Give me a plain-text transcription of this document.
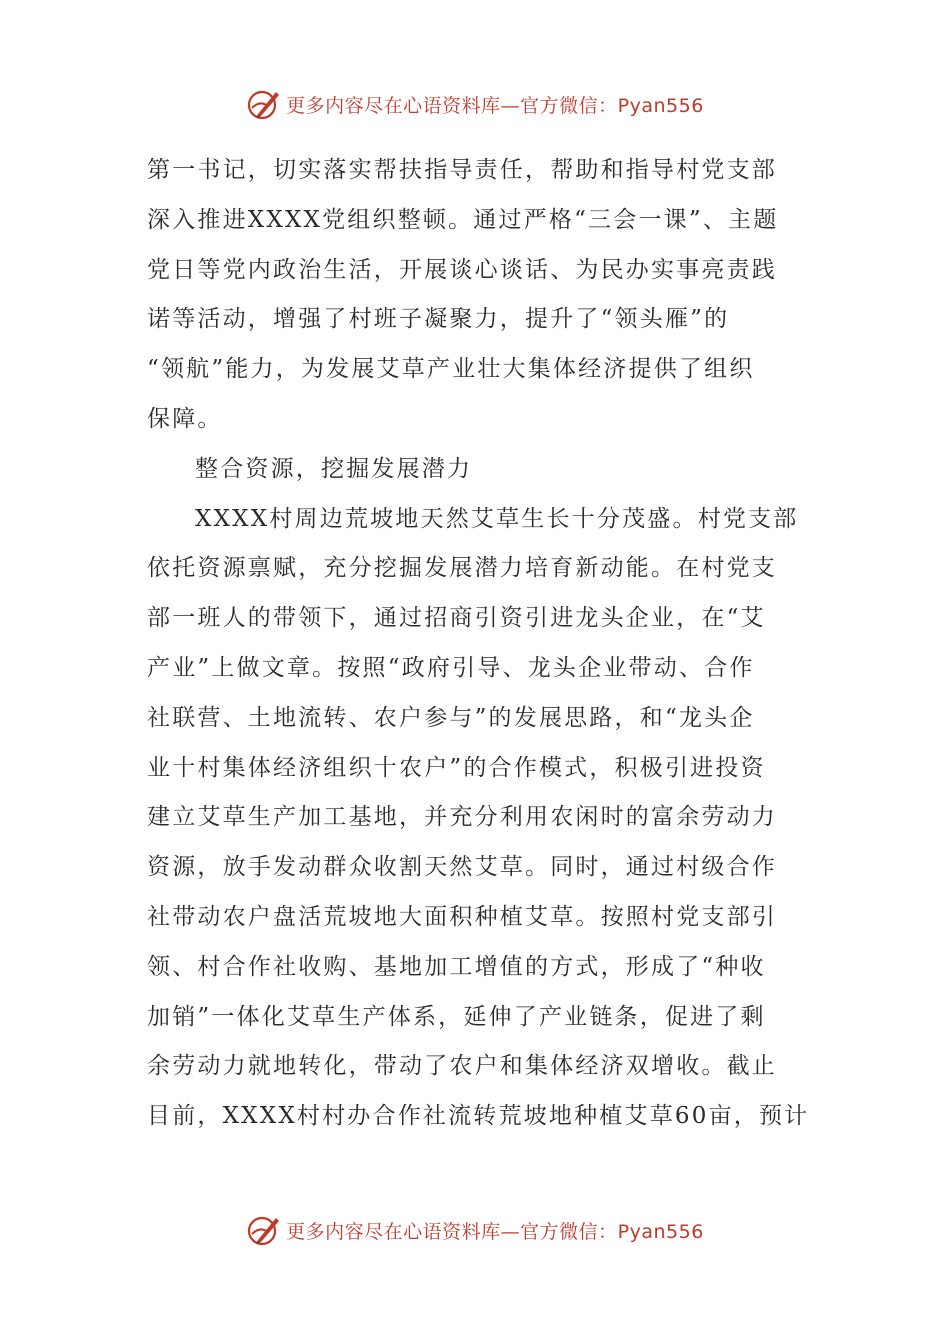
更多内容尽在心语资料库—官方微信：Pyan556
第一书记，切实落实帮扶指导责任，帮助和指导村党支部
深入推进XXXX党组织整顿。通过严格“三会一课”、主题
党日等党内政治生活，开展谈心谈话、为民办实事亮责践
诺等活动，增强了村班子凝聚力，提升了“领头雁”的
“领航”能力，为发展艾草产业壮大集体经济提供了组织
保障。
整合资源，挖掘发展潜力
XXXX村周边荒坡地天然艾草生长十分茂盛。村党支部
依托资源禀赋，充分挖掘发展潜力培育新动能。在村党支
部一班人的带领下，通过招商引资引进龙头企业，在“艾
产业”上做文章。按照“政府引导、龙头企业带动、合作
社联营、土地流转、农户参与”的发展思路，和“龙头企
业十村集体经济组织十农户”的合作模式，积极引进投资
建立艾草生产加工基地，并充分利用农闲时的富余劳动力
资源，放手发动群众收割天然艾草。同时，通过村级合作
社带动农户盘活荒坡地大面积种植艾草。按照村党支部引
领、村合作社收购、基地加工增值的方式，形成了“种收
加销”一体化艾草生产体系，延伸了产业链条，促进了剩
余劳动力就地转化，带动了农户和集体经济双增收。截止
目前，XXXX村村办合作社流转荒坡地种植艾草60亩，预计
更多内容尽在心语资料库—官方微信：Pyan556
